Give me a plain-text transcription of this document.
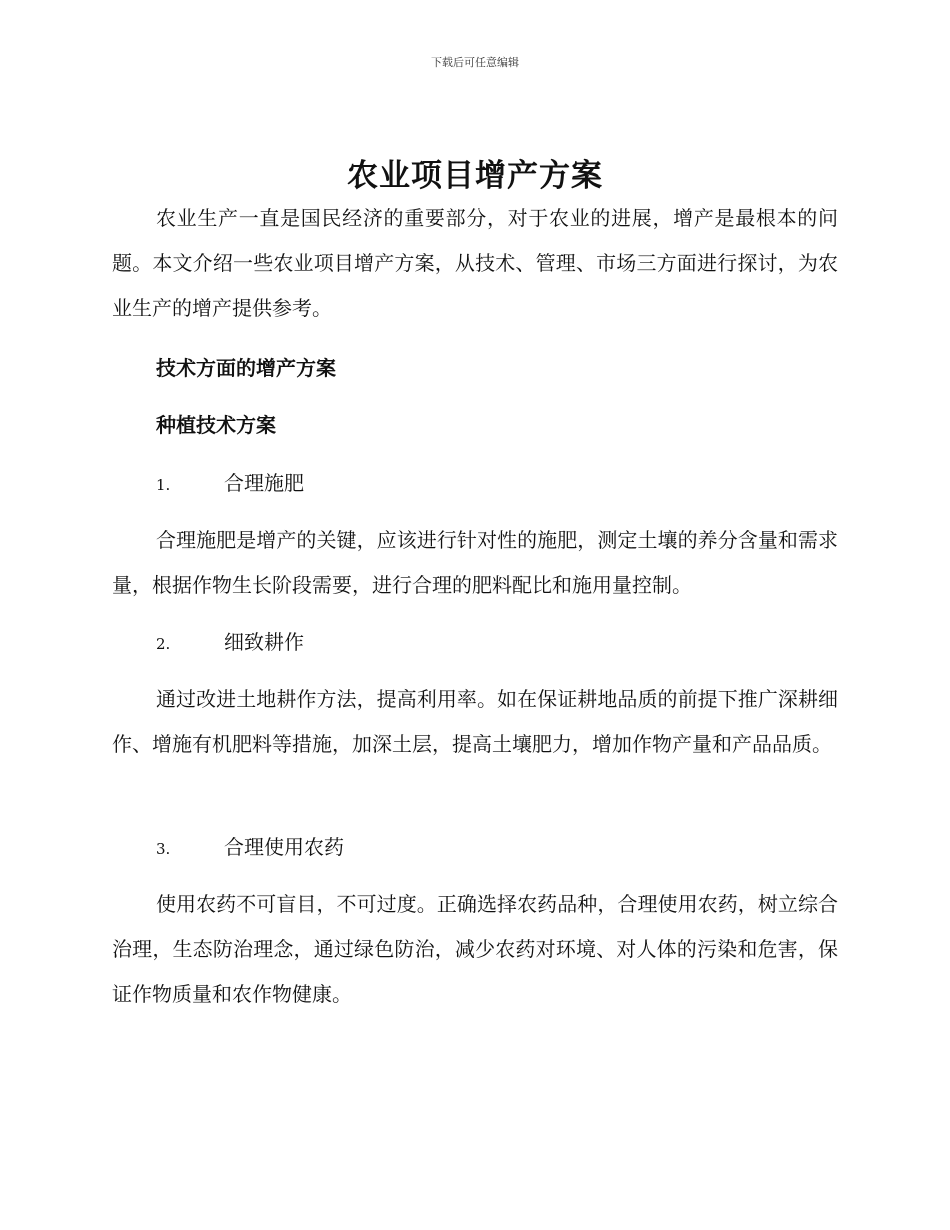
下载后可任意编辑
农业项目增产方案

农业生产一直是国民经济的重要部分，对于农业的进展，增产是最根本的问题。本文介绍一些农业项目增产方案，从技术、管理、市场三方面进行探讨，为农业生产的增产提供参考。

技术方面的增产方案
种植技术方案

1.	合理施肥

合理施肥是增产的关键，应该进行针对性的施肥，测定土壤的养分含量和需求量，根据作物生长阶段需要，进行合理的肥料配比和施用量控制。

2.	细致耕作

通过改进土地耕作方法，提高利用率。如在保证耕地品质的前提下推广深耕细作、增施有机肥料等措施，加深土层，提高土壤肥力，增加作物产量和产品品质。

3.	合理使用农药

使用农药不可盲目，不可过度。正确选择农药品种，合理使用农药，树立综合治理，生态防治理念，通过绿色防治，减少农药对环境、对人体的污染和危害，保证作物质量和农作物健康。
